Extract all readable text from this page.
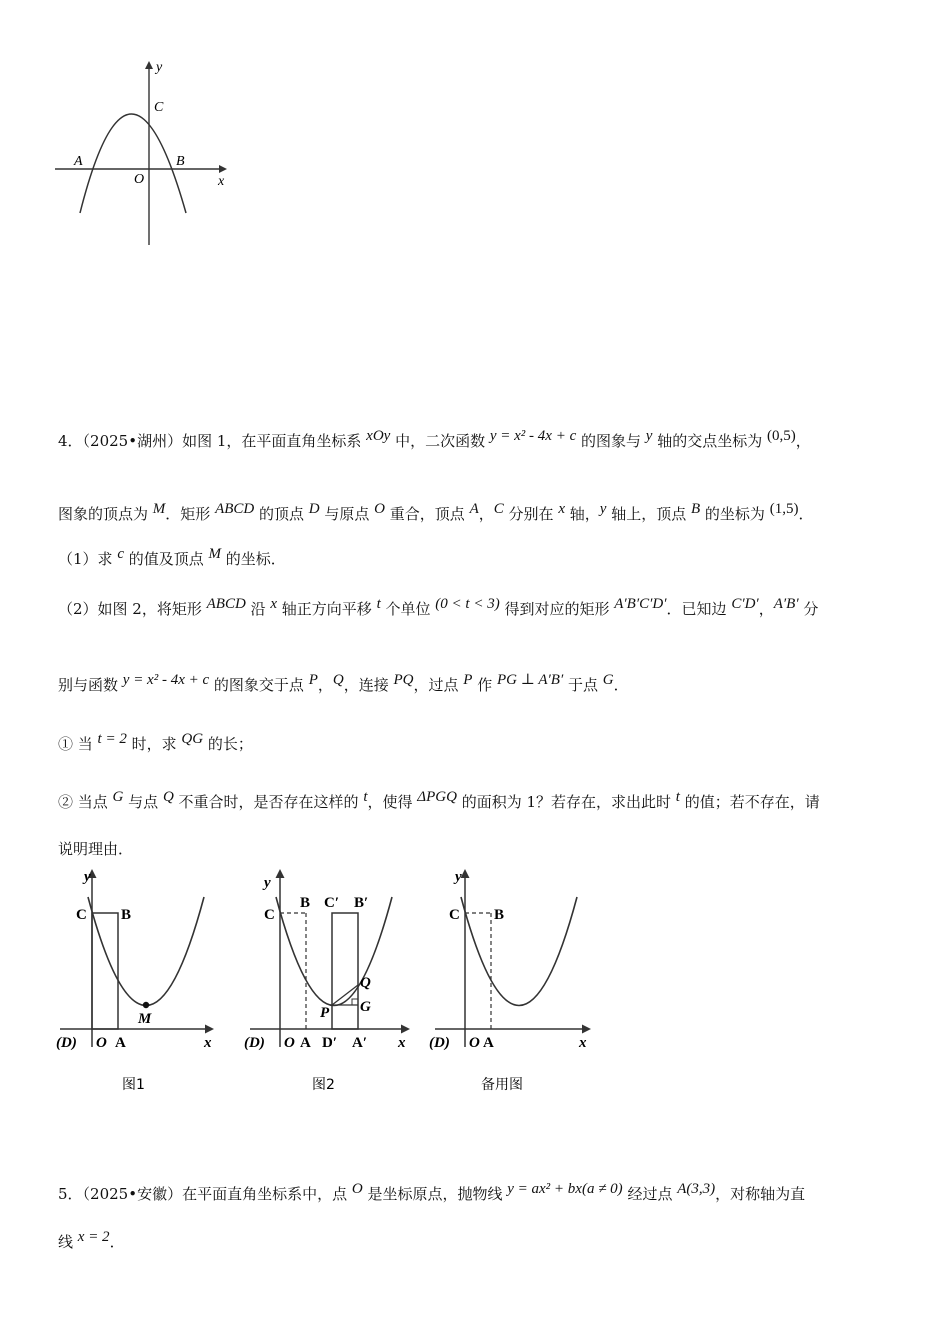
y
C
A
O
B
x
4．（2025•湖州）如图 1，在平面直角坐标系 xOy 中，二次函数 y = x² - 4x + c 的图象与 y 轴的交点坐标为 (0,5)，
图象的顶点为 M．矩形 ABCD 的顶点 D 与原点 O 重合，顶点 A，C 分别在 x 轴，y 轴上，顶点 B 的坐标为 (1,5)．
（1）求 c 的值及顶点 M 的坐标．
（2）如图 2，将矩形 ABCD 沿 x 轴正方向平移 t 个单位 (0 < t < 3) 得到对应的矩形 A′B′C′D′．已知边 C′D′，A′B′ 分
别与函数 y = x² - 4x + c 的图象交于点 P，Q，连接 PQ，过点 P 作 PG ⊥ A′B′ 于点 G．
① 当 t = 2 时，求 QG 的长；
② 当点 G 与点 Q 不重合时，是否存在这样的 t，使得 ΔPGQ 的面积为 1？若存在，求出此时 t 的值；若不存在，请
说明理由．
y
C B
M
(D) O A	x
图1
y
C
B C′ B′
Q
P G
(D) O A D′ A′ x
图2
y
C B
(D) O A	x
备用图
5．（2025•安徽）在平面直角坐标系中，点 O 是坐标原点，抛物线 y = ax² + bx(a ≠ 0) 经过点 A(3,3)，对称轴为直
线 x = 2．
